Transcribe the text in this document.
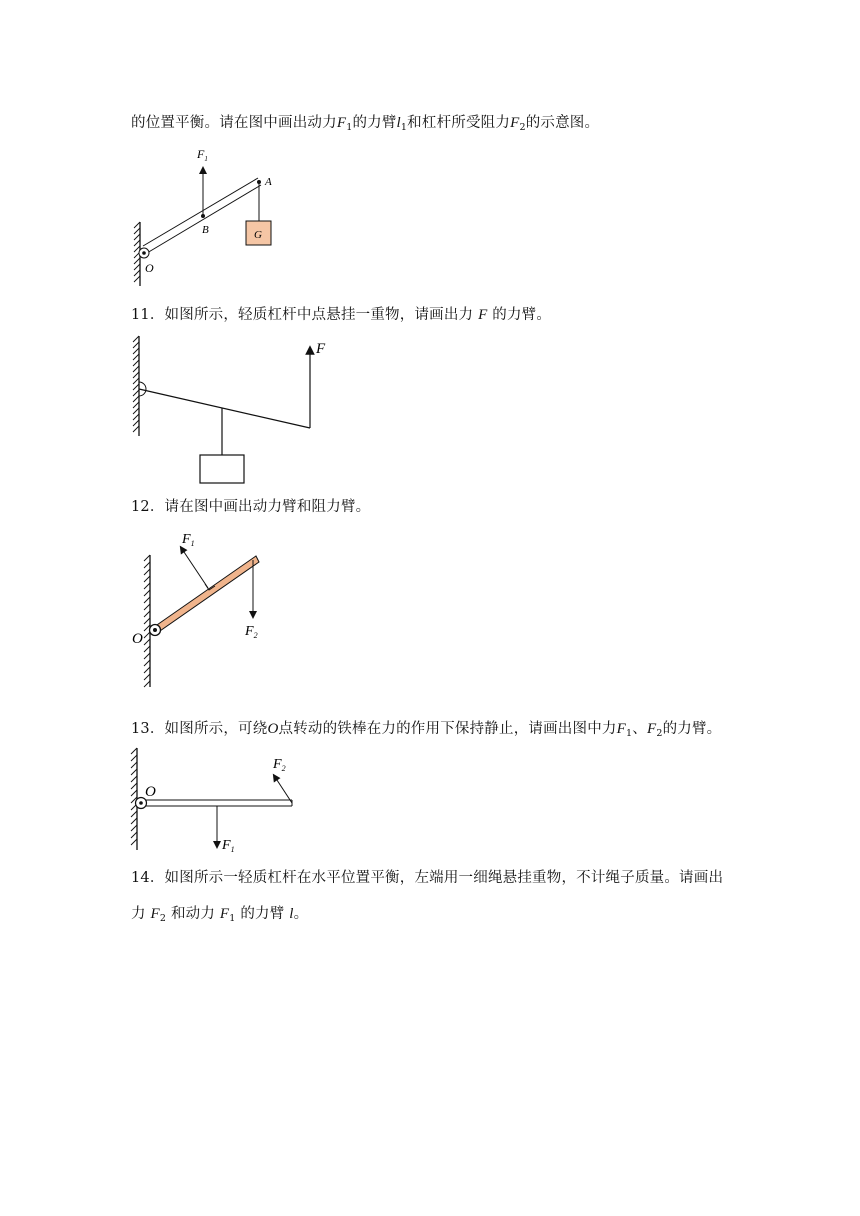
的位置平衡。请在图中画出动力$F_1$的力臂$l_1$和杠杆所受阻力$F_2$的示意图。
O
B
$F_1$
A
G
11．如图所示，轻质杠杆中点悬挂一重物，请画出力 F 的力臂。
F
12．请在图中画出动力臂和阻力臂。
O
$F_1$
$F_2$
13．如图所示，可绕O点转动的铁棒在力的作用下保持静止，请画出图中力$F_1$、$F_2$的力臂。
O
$F_1$
$F_2$
14．如图所示一轻质杠杆在水平位置平衡，左端用一细绳悬挂重物，不计绳子质量。请画出
力 $F_2$ 和动力 $F_1$ 的力臂 l。
